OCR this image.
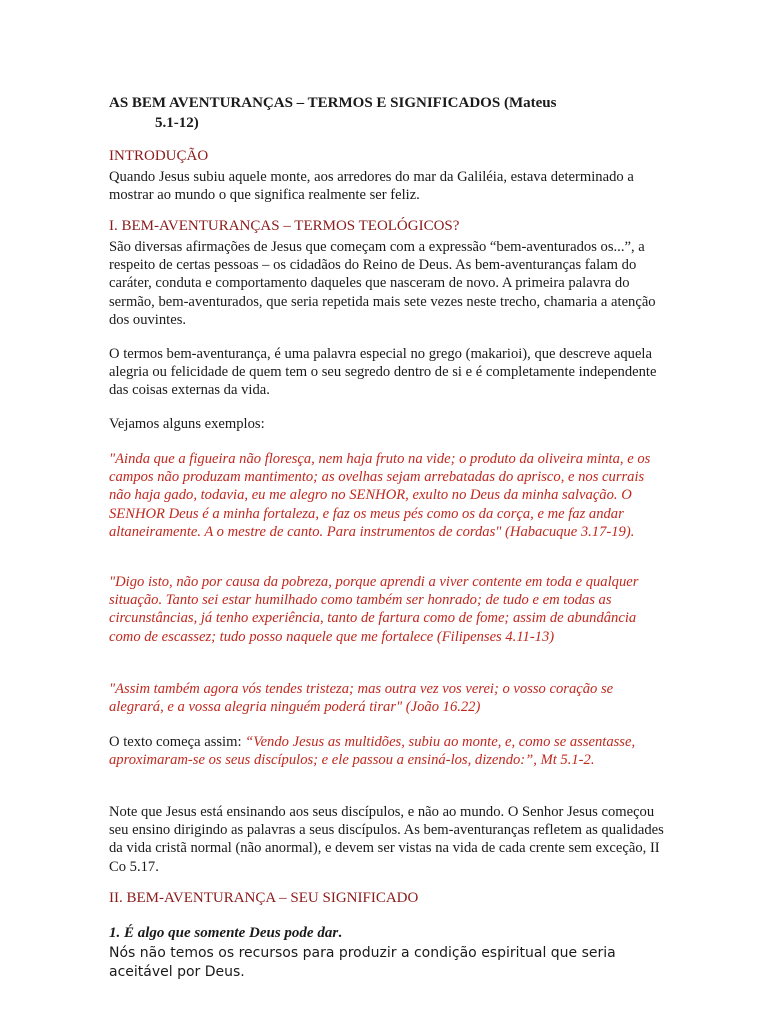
AS BEM AVENTURANÇAS – TERMOS E SIGNIFICADOS (Mateus
5.1-12)
INTRODUÇÃO

Quando Jesus subiu aquele monte, aos arredores do mar da Galiléia, estava determinado a mostrar ao mundo o que significa realmente ser feliz.

I. BEM-AVENTURANÇAS – TERMOS TEOLÓGICOS?

São diversas afirmações de Jesus que começam com a expressão “bem-aventurados os...”, a respeito de certas pessoas – os cidadãos do Reino de Deus. As bem-aventuranças falam do caráter, conduta e comportamento daqueles que nasceram de novo. A primeira palavra do sermão, bem-aventurados, que seria repetida mais sete vezes neste trecho, chamaria a atenção dos ouvintes.

O termos bem-aventurança, é uma palavra especial no grego (makarioi), que descreve aquela alegria ou felicidade de quem tem o seu segredo dentro de si e é completamente independente das coisas externas da vida.

Vejamos alguns exemplos:

"Ainda que a figueira não floresça, nem haja fruto na vide; o produto da oliveira minta, e os campos não produzam mantimento; as ovelhas sejam arrebatadas do aprisco, e nos currais não haja gado, todavia, eu me alegro no SENHOR, exulto no Deus da minha salvação. O SENHOR Deus é a minha fortaleza, e faz os meus pés como os da corça, e me faz andar altaneiramente. A o mestre de canto. Para instrumentos de cordas" (Habacuque 3.17-19).

"Digo isto, não por causa da pobreza, porque aprendi a viver contente em toda e qualquer situação. Tanto sei estar humilhado como também ser honrado; de tudo e em todas as circunstâncias, já tenho experiência, tanto de fartura como de fome; assim de abundância como de escassez; tudo posso naquele que me fortalece (Filipenses 4.11-13)

"Assim também agora vós tendes tristeza; mas outra vez vos verei; o vosso coração se alegrará, e a vossa alegria ninguém poderá tirar" (João 16.22)

O texto começa assim: “Vendo Jesus as multidões, subiu ao monte, e, como se assentasse, aproximaram-se os seus discípulos; e ele passou a ensiná-los, dizendo:”, Mt 5.1-2.

Note que Jesus está ensinando aos seus discípulos, e não ao mundo. O Senhor Jesus começou seu ensino dirigindo as palavras a seus discípulos. As bem-aventuranças refletem as qualidades da vida cristã normal (não anormal), e devem ser vistas na vida de cada crente sem exceção, II Co 5.17.

II. BEM-AVENTURANÇA – SEU SIGNIFICADO

1. É algo que somente Deus pode dar.

Nós não temos os recursos para produzir a condição espiritual que seria aceitável por Deus.
